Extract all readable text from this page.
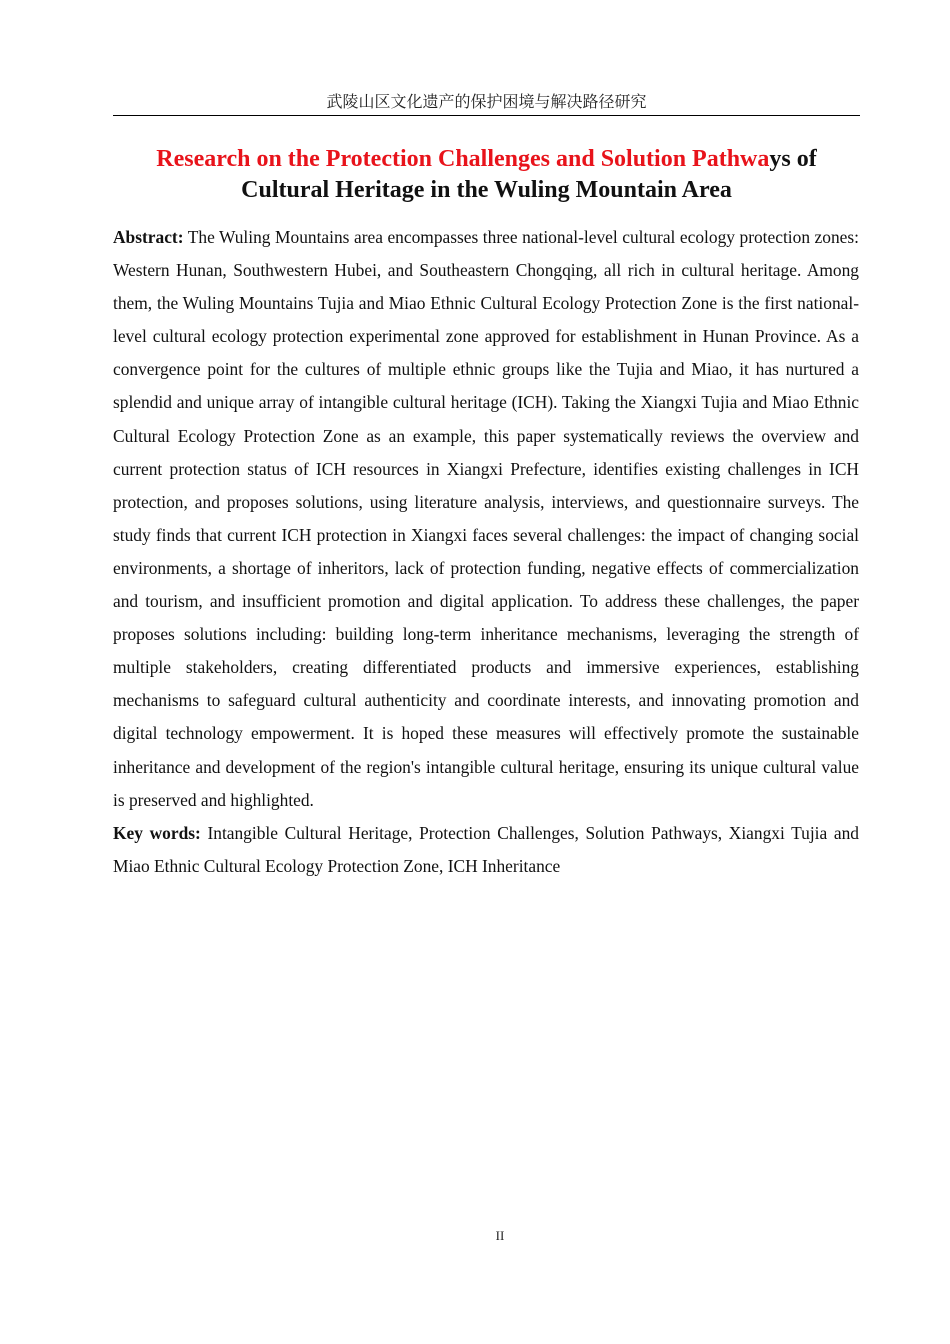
武陵山区文化遗产的保护困境与解决路径研究
Research on the Protection Challenges and Solution Pathways of Cultural Heritage in the Wuling Mountain Area

Abstract: The Wuling Mountains area encompasses three national-level cultural ecology protection zones: Western Hunan, Southwestern Hubei, and Southeastern Chongqing, all rich in cultural heritage. Among them, the Wuling Mountains Tujia and Miao Ethnic Cultural Ecology Protection Zone is the first national-level cultural ecology protection experimental zone approved for establishment in Hunan Province. As a convergence point for the cultures of multiple ethnic groups like the Tujia and Miao, it has nurtured a splendid and unique array of intangible cultural heritage (ICH). Taking the Xiangxi Tujia and Miao Ethnic Cultural Ecology Protection Zone as an example, this paper systematically reviews the overview and current protection status of ICH resources in Xiangxi Prefecture, identifies existing challenges in ICH protection, and proposes solutions, using literature analysis, interviews, and questionnaire surveys. The study finds that current ICH protection in Xiangxi faces several challenges: the impact of changing social environments, a shortage of inheritors, lack of protection funding, negative effects of commercialization and tourism, and insufficient promotion and digital application. To address these challenges, the paper proposes solutions including: building long-term inheritance mechanisms, leveraging the strength of multiple stakeholders, creating differentiated products and immersive experiences, establishing mechanisms to safeguard cultural authenticity and coordinate interests, and innovating promotion and digital technology empowerment. It is hoped these measures will effectively promote the sustainable inheritance and development of the region's intangible cultural heritage, ensuring its unique cultural value is preserved and highlighted.

Key words: Intangible Cultural Heritage, Protection Challenges, Solution Pathways, Xiangxi Tujia and Miao Ethnic Cultural Ecology Protection Zone, ICH Inheritance

II
